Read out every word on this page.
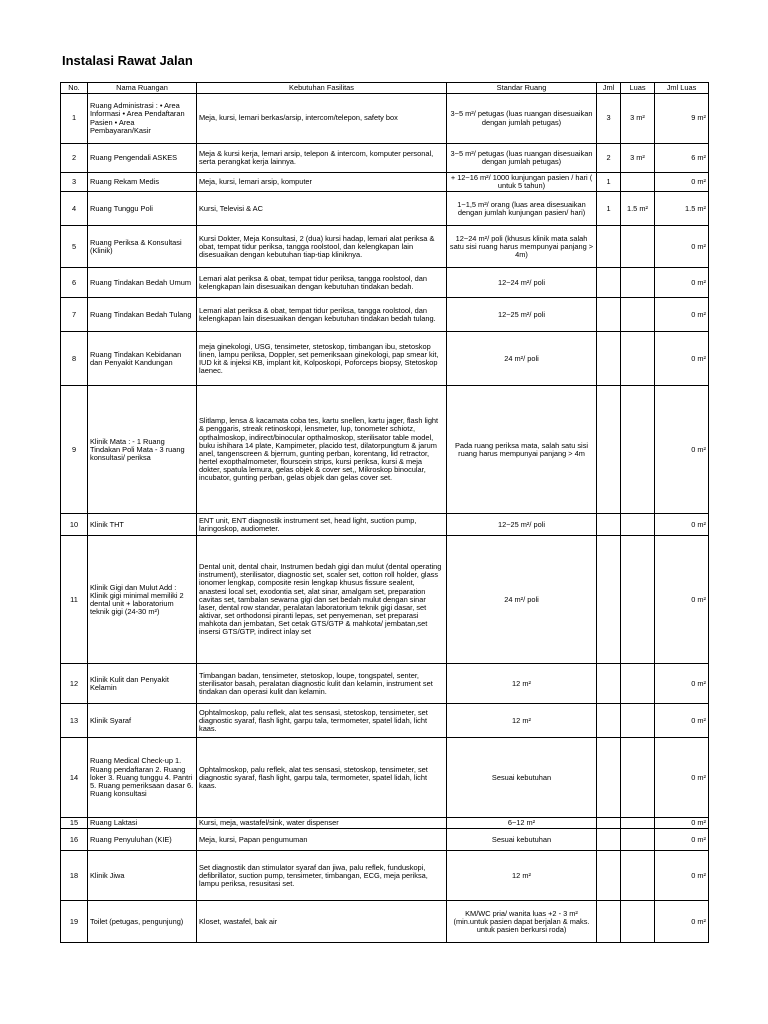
Instalasi Rawat Jalan
No.	Nama Ruangan	Kebutuhan Fasilitas	Standar Ruang	Jml	Luas	Jml Luas
1	Ruang Administrasi : • Area Informasi • Area Pendaftaran Pasien • Area Pembayaran/Kasir	Meja, kursi, lemari berkas/arsip, intercom/telepon, safety box	3~5 m²/ petugas (luas ruangan disesuaikan dengan jumlah petugas)	3	3 m²	9 m²
2	Ruang Pengendali ASKES	Meja & kursi kerja, lemari arsip, telepon & intercom, komputer personal, serta perangkat kerja lainnya.	3~5 m²/ petugas (luas ruangan disesuaikan dengan jumlah petugas)	2	3 m²	6 m²
3	Ruang Rekam Medis	Meja, kursi, lemari arsip, komputer	+ 12~16 m²/ 1000 kunjungan pasien / hari ( untuk 5 tahun)	1		0 m²
4	Ruang Tunggu Poli	Kursi, Televisi & AC	1~1,5 m²/ orang (luas area disesuaikan dengan jumlah kunjungan pasien/ hari)	1	1.5 m²	1.5 m²
5	Ruang Periksa & Konsultasi (Klinik)	Kursi Dokter, Meja Konsultasi, 2 (dua) kursi hadap, lemari alat periksa & obat, tempat tidur periksa, tangga roolstool, dan kelengkapan lain disesuaikan dengan kebutuhan tiap-tiap kliniknya.	12~24 m²/ poli (khusus klinik mata salah satu sisi ruang harus mempunyai panjang > 4m)			0 m²
6	Ruang Tindakan Bedah Umum	Lemari alat periksa & obat, tempat tidur periksa, tangga roolstool, dan kelengkapan lain disesuaikan dengan kebutuhan tindakan bedah.	12~24 m²/ poli			0 m²
7	Ruang Tindakan Bedah Tulang	Lemari alat periksa & obat, tempat tidur periksa, tangga roolstool, dan kelengkapan lain disesuaikan dengan kebutuhan tindakan bedah tulang.	12~25 m²/ poli			0 m²
8	Ruang Tindakan Kebidanan dan Penyakit Kandungan	meja ginekologi, USG, tensimeter, stetoskop, timbangan ibu, stetoskop linen, lampu periksa, Doppler, set pemeriksaan ginekologi, pap smear kit, IUD kit & injeksi KB, implant kit, Kolposkopi, Poforceps biopsy, Stetoskop laenec.	24 m²/ poli			0 m²
9	Klinik Mata : - 1 Ruang Tindakan Poli Mata - 3 ruang konsultasi/ periksa	Slitlamp, lensa & kacamata coba tes, kartu snellen, kartu jager, flash light & penggaris, streak retinoskopi, lensmeter, lup, tonometer schiotz, opthalmoskop, indirect/binocular opthalmoskop, sterilisator table model, buku ishihara 14 plate, Kampimeter, placido test, dilatorpungtum & jarum anel, tangenscreen & bjerrum, gunting perban, korentang, lid retractor, hertel exopthalmometer, flourscein strips, kursi periksa, kursi & meja dokter, spatula lemura, gelas objek & cover set,, Mikroskop binocular, incubator, gunting perban, gelas objek dan gelas cover set.	Pada ruang periksa mata, salah satu sisi ruang harus mempunyai panjang > 4m			0 m²
10	Klinik THT	ENT unit, ENT diagnostik instrument set, head light, suction pump, laringoskop, audiometer.	12~25 m²/ poli			0 m²
11	Klinik Gigi dan Mulut Add : Klinik gigi minimal memiliki 2 dental unit + laboratorium teknik gigi (24-30 m²)	Dental unit, dental chair, Instrumen bedah gigi dan mulut (dental operating instrument), sterilisator, diagnostic set, scaler set, cotton roll holder, glass ionomer lengkap, composite resin lengkap khusus fissure sealent, anastesi local set, exodontia set, alat sinar, amalgam set, preparation cavitas set, tambalan sewarna gigi dan set bedah mulut dengan sinar laser, dental row standar, peralatan laboratorium teknik gigi dasar, set aktivar, set orthodonsi piranti lepas, set penyemenan, set preparasi mahkota dan jembatan, Set cetak GTS/GTP & mahkota/ jembatan,set insersi GTS/GTP, indirect inlay set	24 m²/ poli			0 m²
12	Klinik Kulit dan Penyakit Kelamin	Timbangan badan, tensimeter, stetoskop, loupe, tongspatel, senter, sterilisator basah, peralatan diagnostic kulit dan kelamin, instrument set tindakan dan operasi kulit dan kelamin.	12 m²			0 m²
13	Klinik Syaraf	Ophtalmoskop, palu reflek, alat tes sensasi, stetoskop, tensimeter, set diagnostic syaraf, flash light, garpu tala, termometer, spatel lidah, licht kaas.	12 m²			0 m²
14	Ruang Medical Check-up 1. Ruang pendaftaran 2. Ruang loker 3. Ruang tunggu 4. Pantri 5. Ruang pemeriksaan dasar 6. Ruang konsultasi	Ophtalmoskop, palu reflek, alat tes sensasi, stetoskop, tensimeter, set diagnostic syaraf, flash light, garpu tala, termometer, spatel lidah, licht kaas.	Sesuai kebutuhan			0 m²
15	Ruang Laktasi	Kursi, meja, wastafel/sink, water dispenser	6~12 m²			0 m²
16	Ruang Penyuluhan (KIE)	Meja, kursi, Papan pengumuman	Sesuai kebutuhan			0 m²
18	Klinik Jiwa	Set diagnostik dan stimulator syaraf dan jiwa, palu reflek, funduskopi, defibrillator, suction pump, tensimeter, timbangan, ECG, meja periksa, lampu periksa, resusitasi set.	12 m²			0 m²
19	Toilet (petugas, pengunjung)	Kloset, wastafel, bak air	KM/WC pria/ wanita luas +2 - 3 m² (min.untuk pasien dapat berjalan & maks. untuk pasien berkursi roda)			0 m²
